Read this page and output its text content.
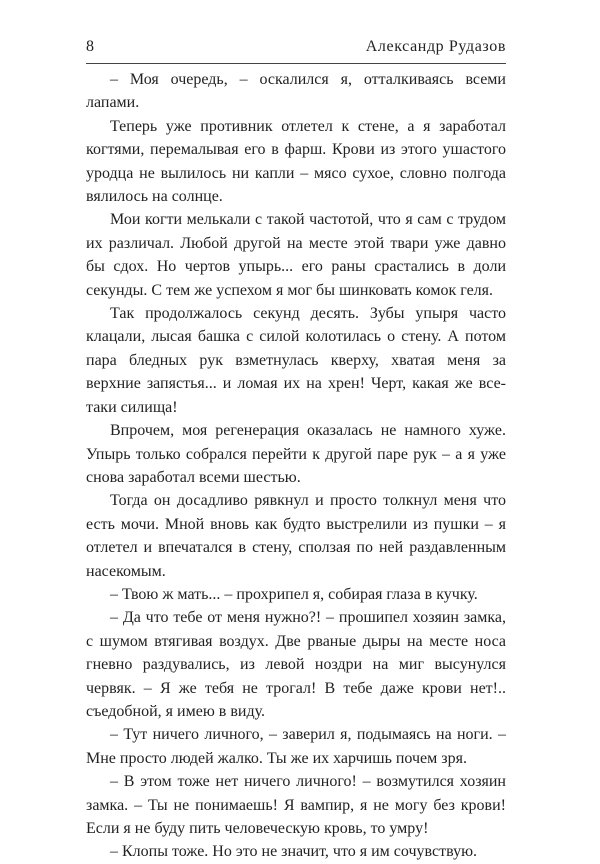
8	Александр Рудазов

– Моя очередь, – оскалился я, отталкиваясь всеми лапами.

Теперь уже противник отлетел к стене, а я заработал когтями, перемалывая его в фарш. Крови из этого ушастого уродца не вылилось ни капли – мясо сухое, словно полгода вялилось на солнце.

Мои когти мелькали с такой частотой, что я сам с трудом их различал. Любой другой на месте этой твари уже давно бы сдох. Но чертов упырь... его раны срастались в доли секунды. С тем же успехом я мог бы шинковать комок геля.

Так продолжалось секунд десять. Зубы упыря часто клацали, лысая башка с силой колотилась о стену. А потом пара бледных рук взметнулась кверху, хватая меня за верхние запястья... и ломая их на хрен! Черт, какая же все-таки силища!

Впрочем, моя регенерация оказалась не намного хуже. Упырь только собрался перейти к другой паре рук – а я уже снова заработал всеми шестью.

Тогда он досадливо рявкнул и просто толкнул меня что есть мочи. Мной вновь как будто выстрелили из пушки – я отлетел и впечатался в стену, сползая по ней раздавленным насекомым.

– Твою ж мать... – прохрипел я, собирая глаза в кучку.

– Да что тебе от меня нужно?! – прошипел хозяин замка, с шумом втягивая воздух. Две рваные дыры на месте носа гневно раздувались, из левой ноздри на миг высунулся червяк. – Я же тебя не трогал! В тебе даже крови нет!.. съедобной, я имею в виду.

– Тут ничего личного, – заверил я, подымаясь на ноги. – Мне просто людей жалко. Ты же их харчишь почем зря.

– В этом тоже нет ничего личного! – возмутился хозяин замка. – Ты не понимаешь! Я вампир, я не могу без крови! Если я не буду пить человеческую кровь, то умру!

– Клопы тоже. Но это не значит, что я им сочувствую.
